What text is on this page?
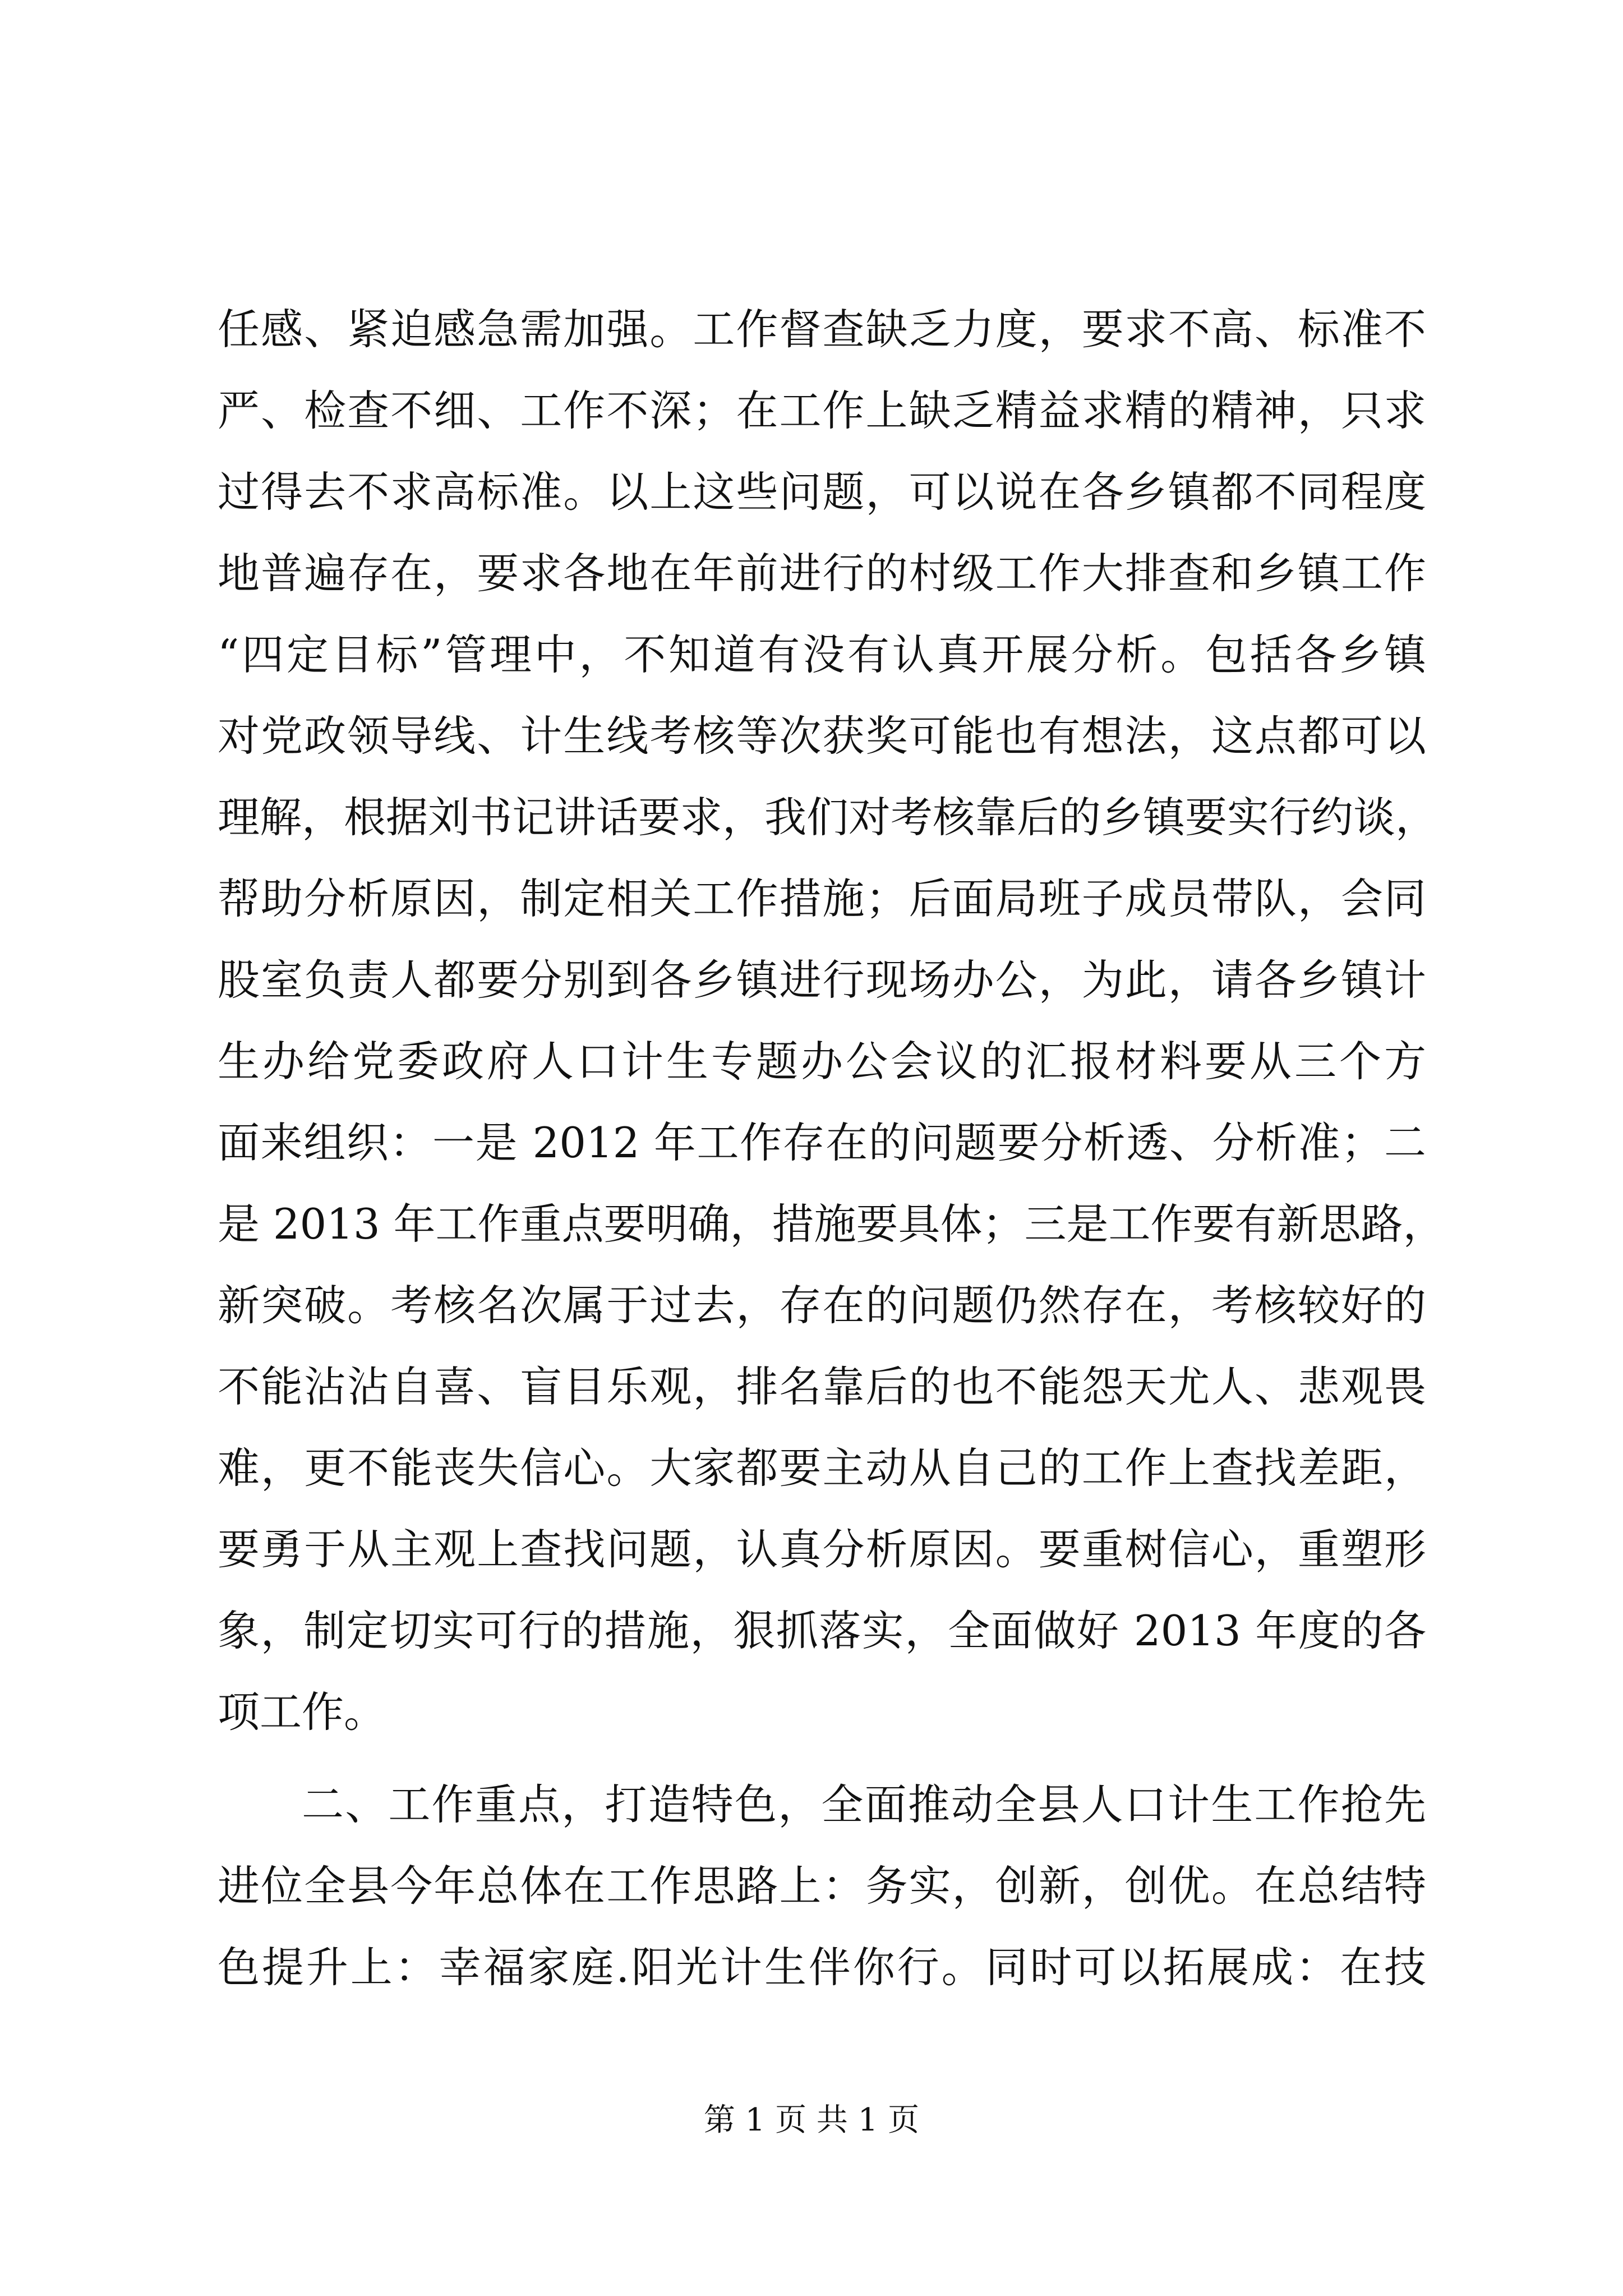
任感、紧迫感急需加强。工作督查缺乏力度，要求不高、标准不
严、检查不细、工作不深；在工作上缺乏精益求精的精神，只求
过得去不求高标准。以上这些问题，可以说在各乡镇都不同程度
地普遍存在，要求各地在年前进行的村级工作大排查和乡镇工作
“四定目标”管理中，不知道有没有认真开展分析。包括各乡镇
对党政领导线、计生线考核等次获奖可能也有想法，这点都可以
理解，根据刘书记讲话要求，我们对考核靠后的乡镇要实行约谈，
帮助分析原因，制定相关工作措施；后面局班子成员带队，会同
股室负责人都要分别到各乡镇进行现场办公，为此，请各乡镇计
生办给党委政府人口计生专题办公会议的汇报材料要从三个方
面来组织：一是 2012 年工作存在的问题要分析透、分析准；二
是 2013 年工作重点要明确，措施要具体；三是工作要有新思路，
新突破。考核名次属于过去，存在的问题仍然存在，考核较好的
不能沾沾自喜、盲目乐观，排名靠后的也不能怨天尤人、悲观畏
难，更不能丧失信心。大家都要主动从自己的工作上查找差距，
要勇于从主观上查找问题，认真分析原因。要重树信心，重塑形
象，制定切实可行的措施，狠抓落实，全面做好 2013 年度的各
项工作。
二、工作重点，打造特色，全面推动全县人口计生工作抢先
进位全县今年总体在工作思路上：务实，创新，创优。在总结特
色提升上：幸福家庭.阳光计生伴你行。同时可以拓展成：在技
第 1 页 共 1 页
